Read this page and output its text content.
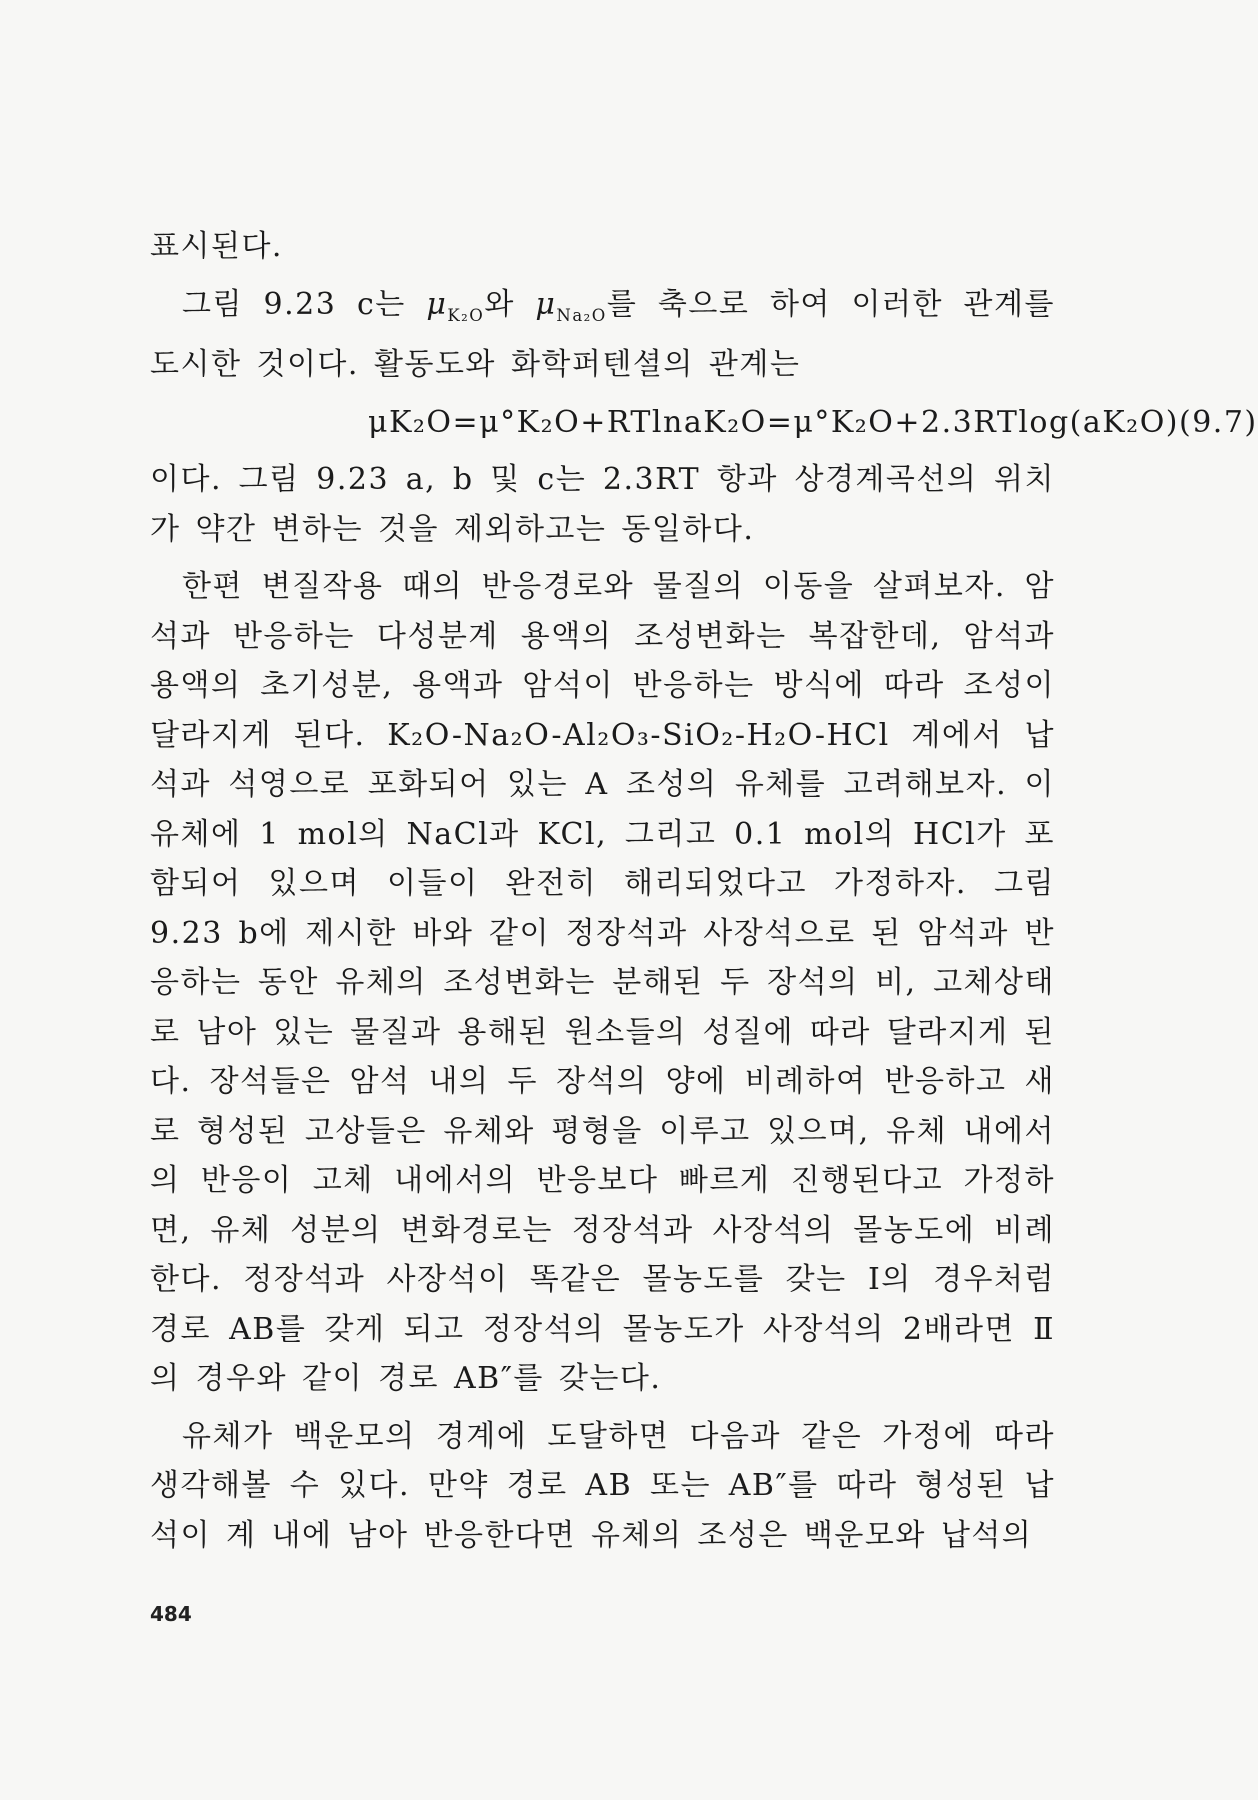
표시된다.

그림 9.23 c는 $\mu_{K_2O}$와 $\mu_{Na_2O}$를 축으로 하여 이러한 관계를 도시한 것이다. 활동도와 화학퍼텐셜의 관계는

μK₂O=μ°K₂O+RTlnaK₂O=μ°K₂O+2.3RTlog(aK₂O) (9.7)

이다. 그림 9.23 a, b 및 c는 2.3RT 항과 상경계곡선의 위치가 약간 변하는 것을 제외하고는 동일하다.

한편 변질작용 때의 반응경로와 물질의 이동을 살펴보자. 암석과 반응하는 다성분계 용액의 조성변화는 복잡한데, 암석과 용액의 초기성분, 용액과 암석이 반응하는 방식에 따라 조성이 달라지게 된다. K₂O-Na₂O-Al₂O₃-SiO₂-H₂O-HCl 계에서 납석과 석영으로 포화되어 있는 A 조성의 유체를 고려해보자. 이 유체에 1 mol의 NaCl과 KCl, 그리고 0.1 mol의 HCl가 포함되어 있으며 이들이 완전히 해리되었다고 가정하자. 그림 9.23 b에 제시한 바와 같이 정장석과 사장석으로 된 암석과 반응하는 동안 유체의 조성변화는 분해된 두 장석의 비, 고체상태로 남아 있는 물질과 용해된 원소들의 성질에 따라 달라지게 된다. 장석들은 암석 내의 두 장석의 양에 비례하여 반응하고 새로 형성된 고상들은 유체와 평형을 이루고 있으며, 유체 내에서의 반응이 고체 내에서의 반응보다 빠르게 진행된다고 가정하면, 유체 성분의 변화경로는 정장석과 사장석의 몰농도에 비례한다. 정장석과 사장석이 똑같은 몰농도를 갖는 I의 경우처럼 경로 AB를 갖게 되고 정장석의 몰농도가 사장석의 2배라면 Ⅱ의 경우와 같이 경로 AB″를 갖는다.

유체가 백운모의 경계에 도달하면 다음과 같은 가정에 따라 생각해볼 수 있다. 만약 경로 AB 또는 AB″를 따라 형성된 납석이 계 내에 남아 반응한다면 유체의 조성은 백운모와 납석의

484
